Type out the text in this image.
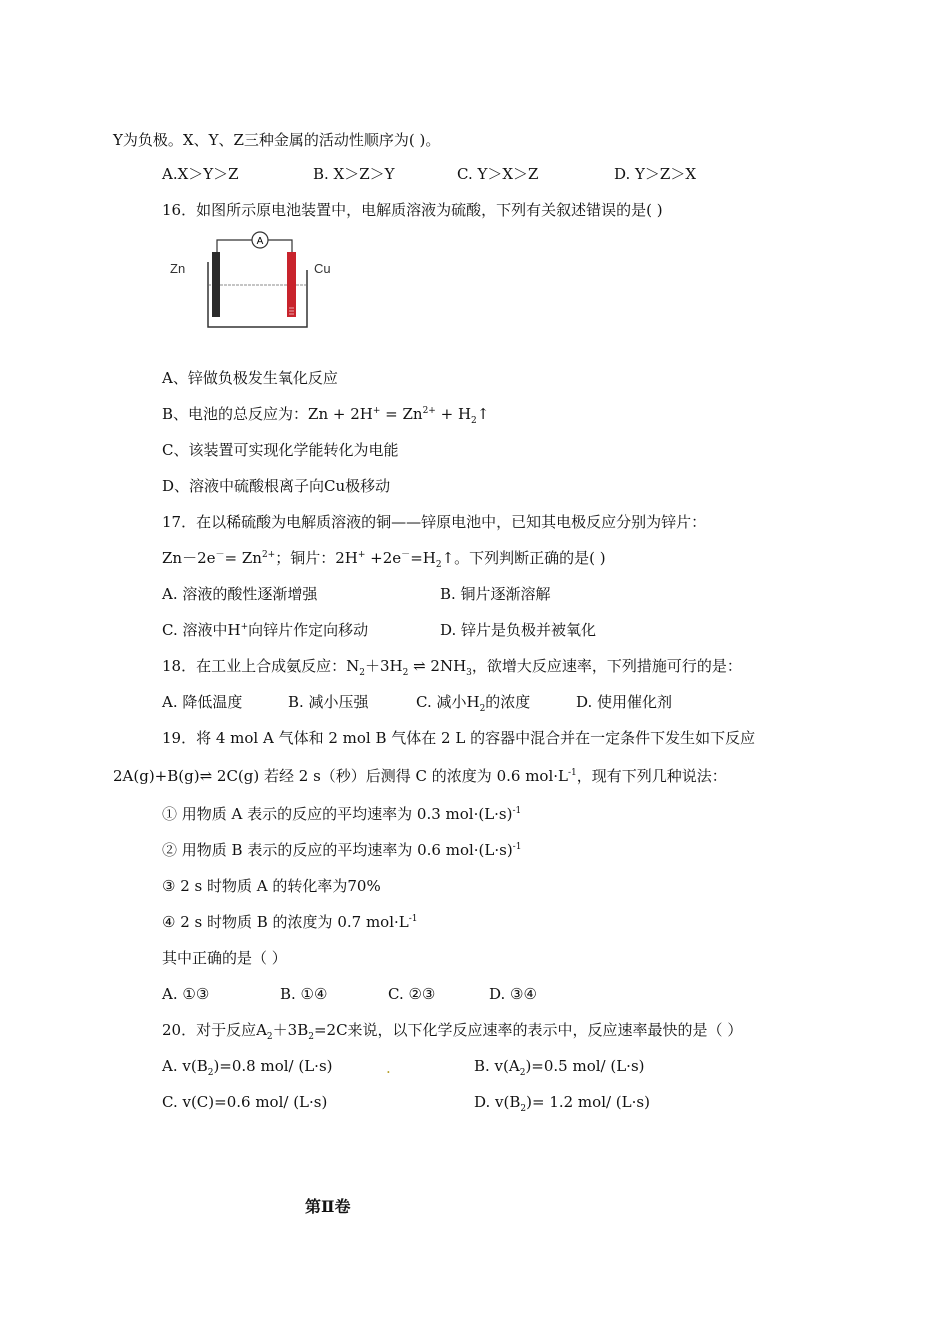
Y为负极。X、Y、Z三种金属的活动性顺序为( )。
A.X＞Y＞Z	B. X＞Z＞Y	C. Y＞X＞Z	D. Y＞Z＞X
16．如图所示原电池装置中，电解质溶液为硫酸，下列有关叙述错误的是( )
A
Zn	Cu
A、锌做负极发生氧化反应
B、电池的总反应为：$Zn + 2H^+ = Zn^{2+}$ + $H_2↑$
C、该装置可实现化学能转化为电能
D、溶液中硫酸根离子向Cu极移动
17．在以稀硫酸为电解质溶液的铜——锌原电池中，已知其电极反应分别为锌片：
$Zn-2e^-= Zn^{2+}$；铜片：$2H^+ +2e^-=H_2↑$。下列判断正确的是( )
A. 溶液的酸性逐渐增强	B. 铜片逐渐溶解
C. 溶液中H+向锌片作定向移动	D. 锌片是负极并被氧化
18．在工业上合成氨反应：$N_2+3H_2$ ⇌ $2NH_3$，欲增大反应速率，下列措施可行的是：
A. 降低温度	B. 减小压强	C. 减小$H_2$的浓度	D. 使用催化剂
19．将 4 mol A 气体和 2 mol B 气体在 2 L 的容器中混合并在一定条件下发生如下反应
2A(g)+B(g)⇌ 2C(g) 若经 2 s（秒）后测得 C 的浓度为 0.6 $mol\cdot L^{-1}$，现有下列几种说法：
① 用物质 A 表示的反应的平均速率为 0.3 $mol\cdot(L\cdot s)^{-1}$
② 用物质 B 表示的反应的平均速率为 0.6 $mol\cdot(L\cdot s)^{-1}$
③ 2 s 时物质 A 的转化率为70%
④ 2 s 时物质 B 的浓度为 0.7 $mol\cdot L^{-1}$
其中正确的是（ ）
A. ①③	B. ①④	C. ②③	D. ③④
20．对于反应$A_2+3B_2=2C$来说，以下化学反应速率的表示中，反应速率最快的是（ ）
A. $v(B_2)=0.8$ mol/ (L·s)	.	B. $v(A_2)=0.5$ mol/ (L·s)
C. v(C)=0.6 mol/ (L·s)	D. $v(B_2)= 1.2$ mol/ (L·s)
第Ⅱ卷
